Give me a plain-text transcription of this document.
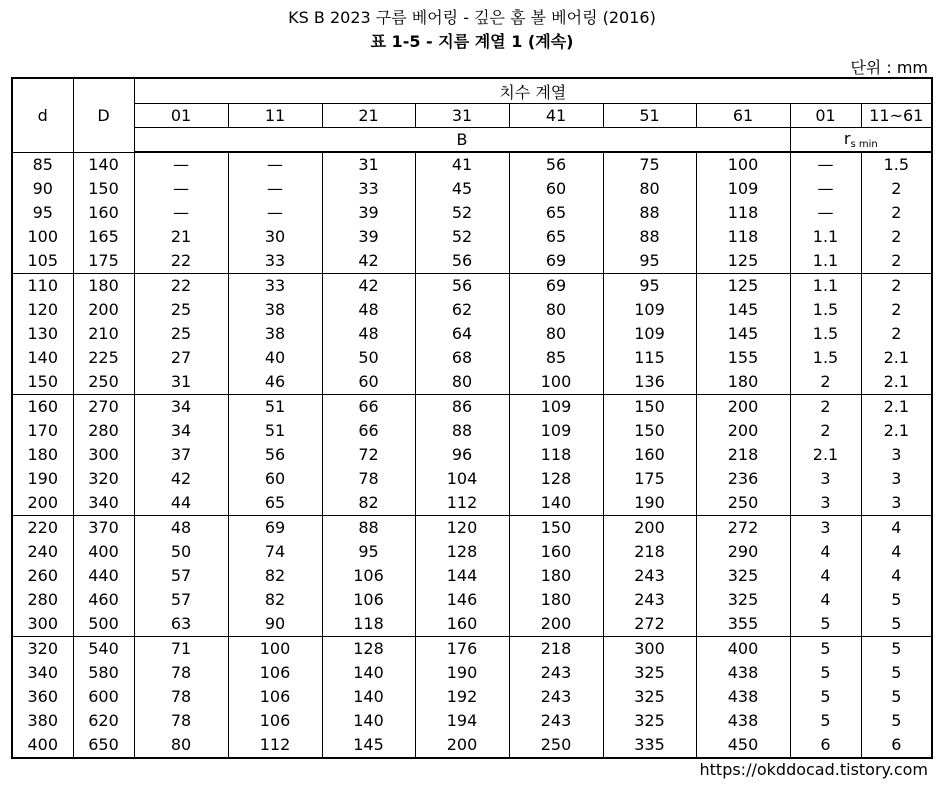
KS B 2023 구름 베어링 - 깊은 홈 볼 베어링 (2016)
표 1-5 - 지름 계열 1 (계속)
단위 : mm
d	D	치수 계열								
		01	11	21	31	41	51	61	01	11~61
		B							$r_{s min}$
85	140	—	—	31	41	56	75	100	—	1.5
90	150	—	—	33	45	60	80	109	—	2
95	160	—	—	39	52	65	88	118	—	2
100	165	21	30	39	52	65	88	118	1.1	2
105	175	22	33	42	56	69	95	125	1.1	2
110	180	22	33	42	56	69	95	125	1.1	2
120	200	25	38	48	62	80	109	145	1.5	2
130	210	25	38	48	64	80	109	145	1.5	2
140	225	27	40	50	68	85	115	155	1.5	2.1
150	250	31	46	60	80	100	136	180	2	2.1
160	270	34	51	66	86	109	150	200	2	2.1
170	280	34	51	66	88	109	150	200	2	2.1
180	300	37	56	72	96	118	160	218	2.1	3
190	320	42	60	78	104	128	175	236	3	3
200	340	44	65	82	112	140	190	250	3	3
220	370	48	69	88	120	150	200	272	3	4
240	400	50	74	95	128	160	218	290	4	4
260	440	57	82	106	144	180	243	325	4	4
280	460	57	82	106	146	180	243	325	4	5
300	500	63	90	118	160	200	272	355	5	5
320	540	71	100	128	176	218	300	400	5	5
340	580	78	106	140	190	243	325	438	5	5
360	600	78	106	140	192	243	325	438	5	5
380	620	78	106	140	194	243	325	438	5	5
400	650	80	112	145	200	250	335	450	6	6
https://okddocad.tistory.com
